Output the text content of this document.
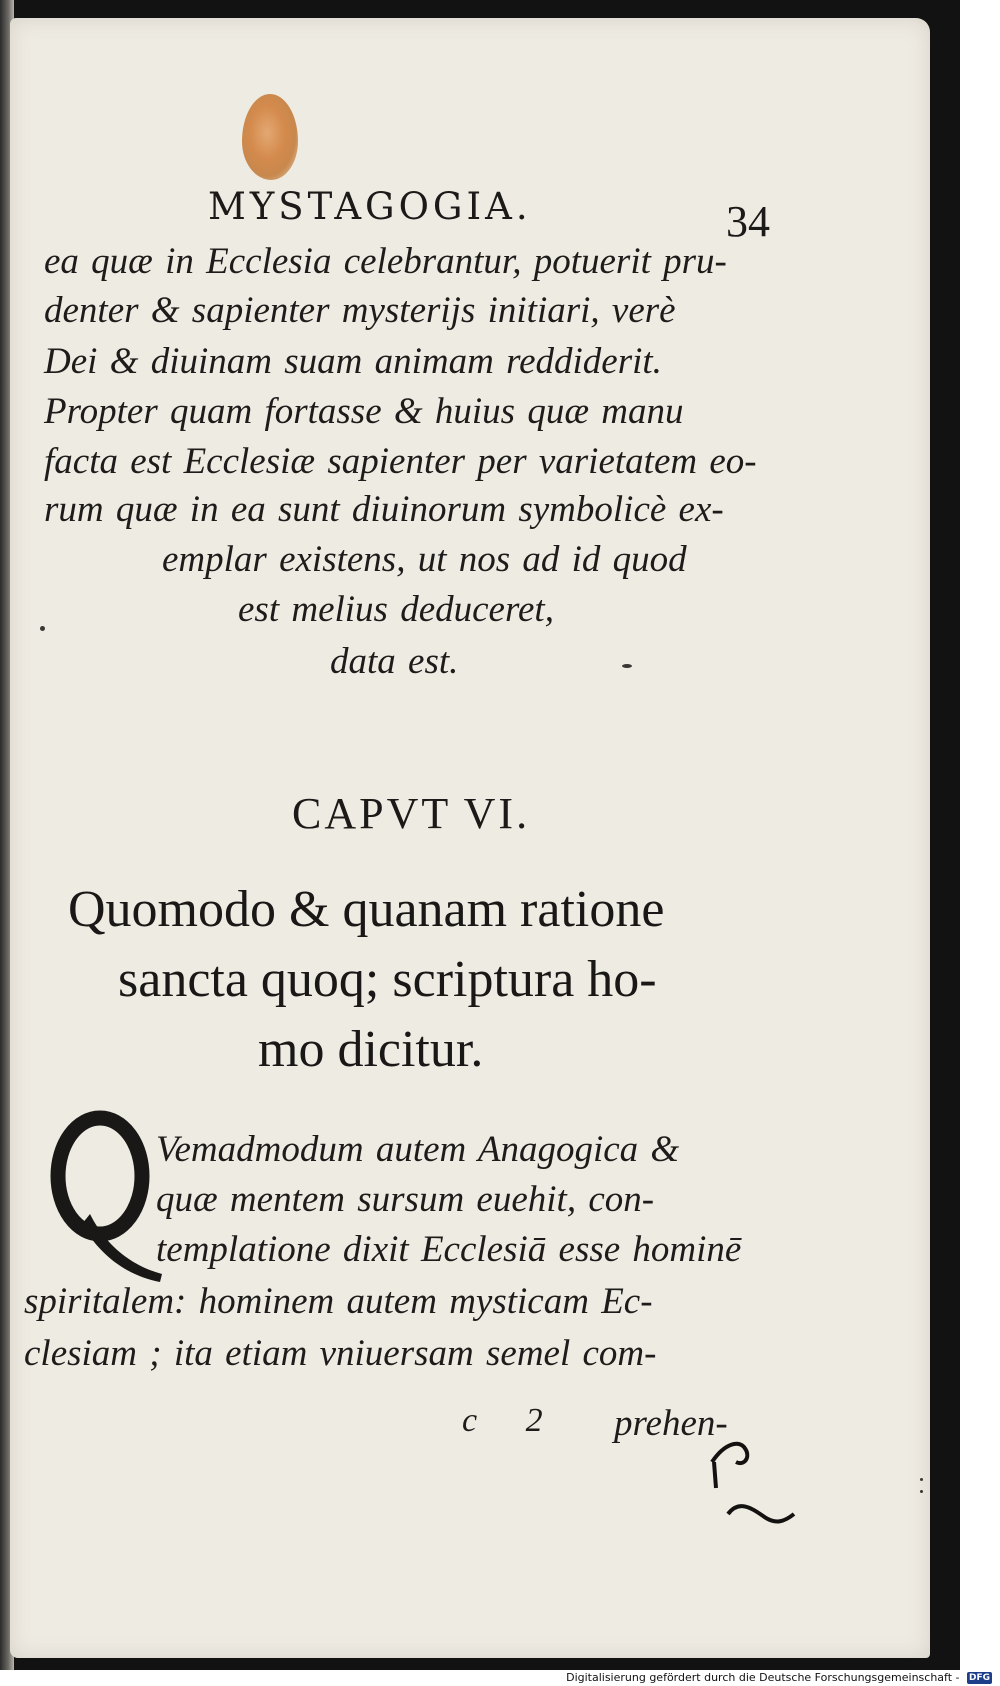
MYSTAGOGIA.	34
ea quæ in Ecclesia celebrantur, potuerit pru-
denter & sapienter mysterijs initiari, verè
Dei & diuinam suam animam reddiderit.
Propter quam fortasse & huius quæ manu
facta est Ecclesiæ sapienter per varietatem eo-
rum quæ in ea sunt diuinorum symbolicè ex-
emplar existens, ut nos ad id quod
est melius deduceret,
data est.
CAPVT VI.
Quomodo & quanam ratione
sancta quoq; scriptura ho-
mo dicitur.
Vemadmodum autem Anagogica &
quæ mentem sursum euehit, con-
templatione dixit Ecclesiā esse hominē
spiritalem: hominem autem mysticam Ec-
clesiam ; ita etiam vniuersam semel com-
c 2 prehen-
Digitalisierung gefördert durch die Deutsche Forschungsgemeinschaft - DFG
